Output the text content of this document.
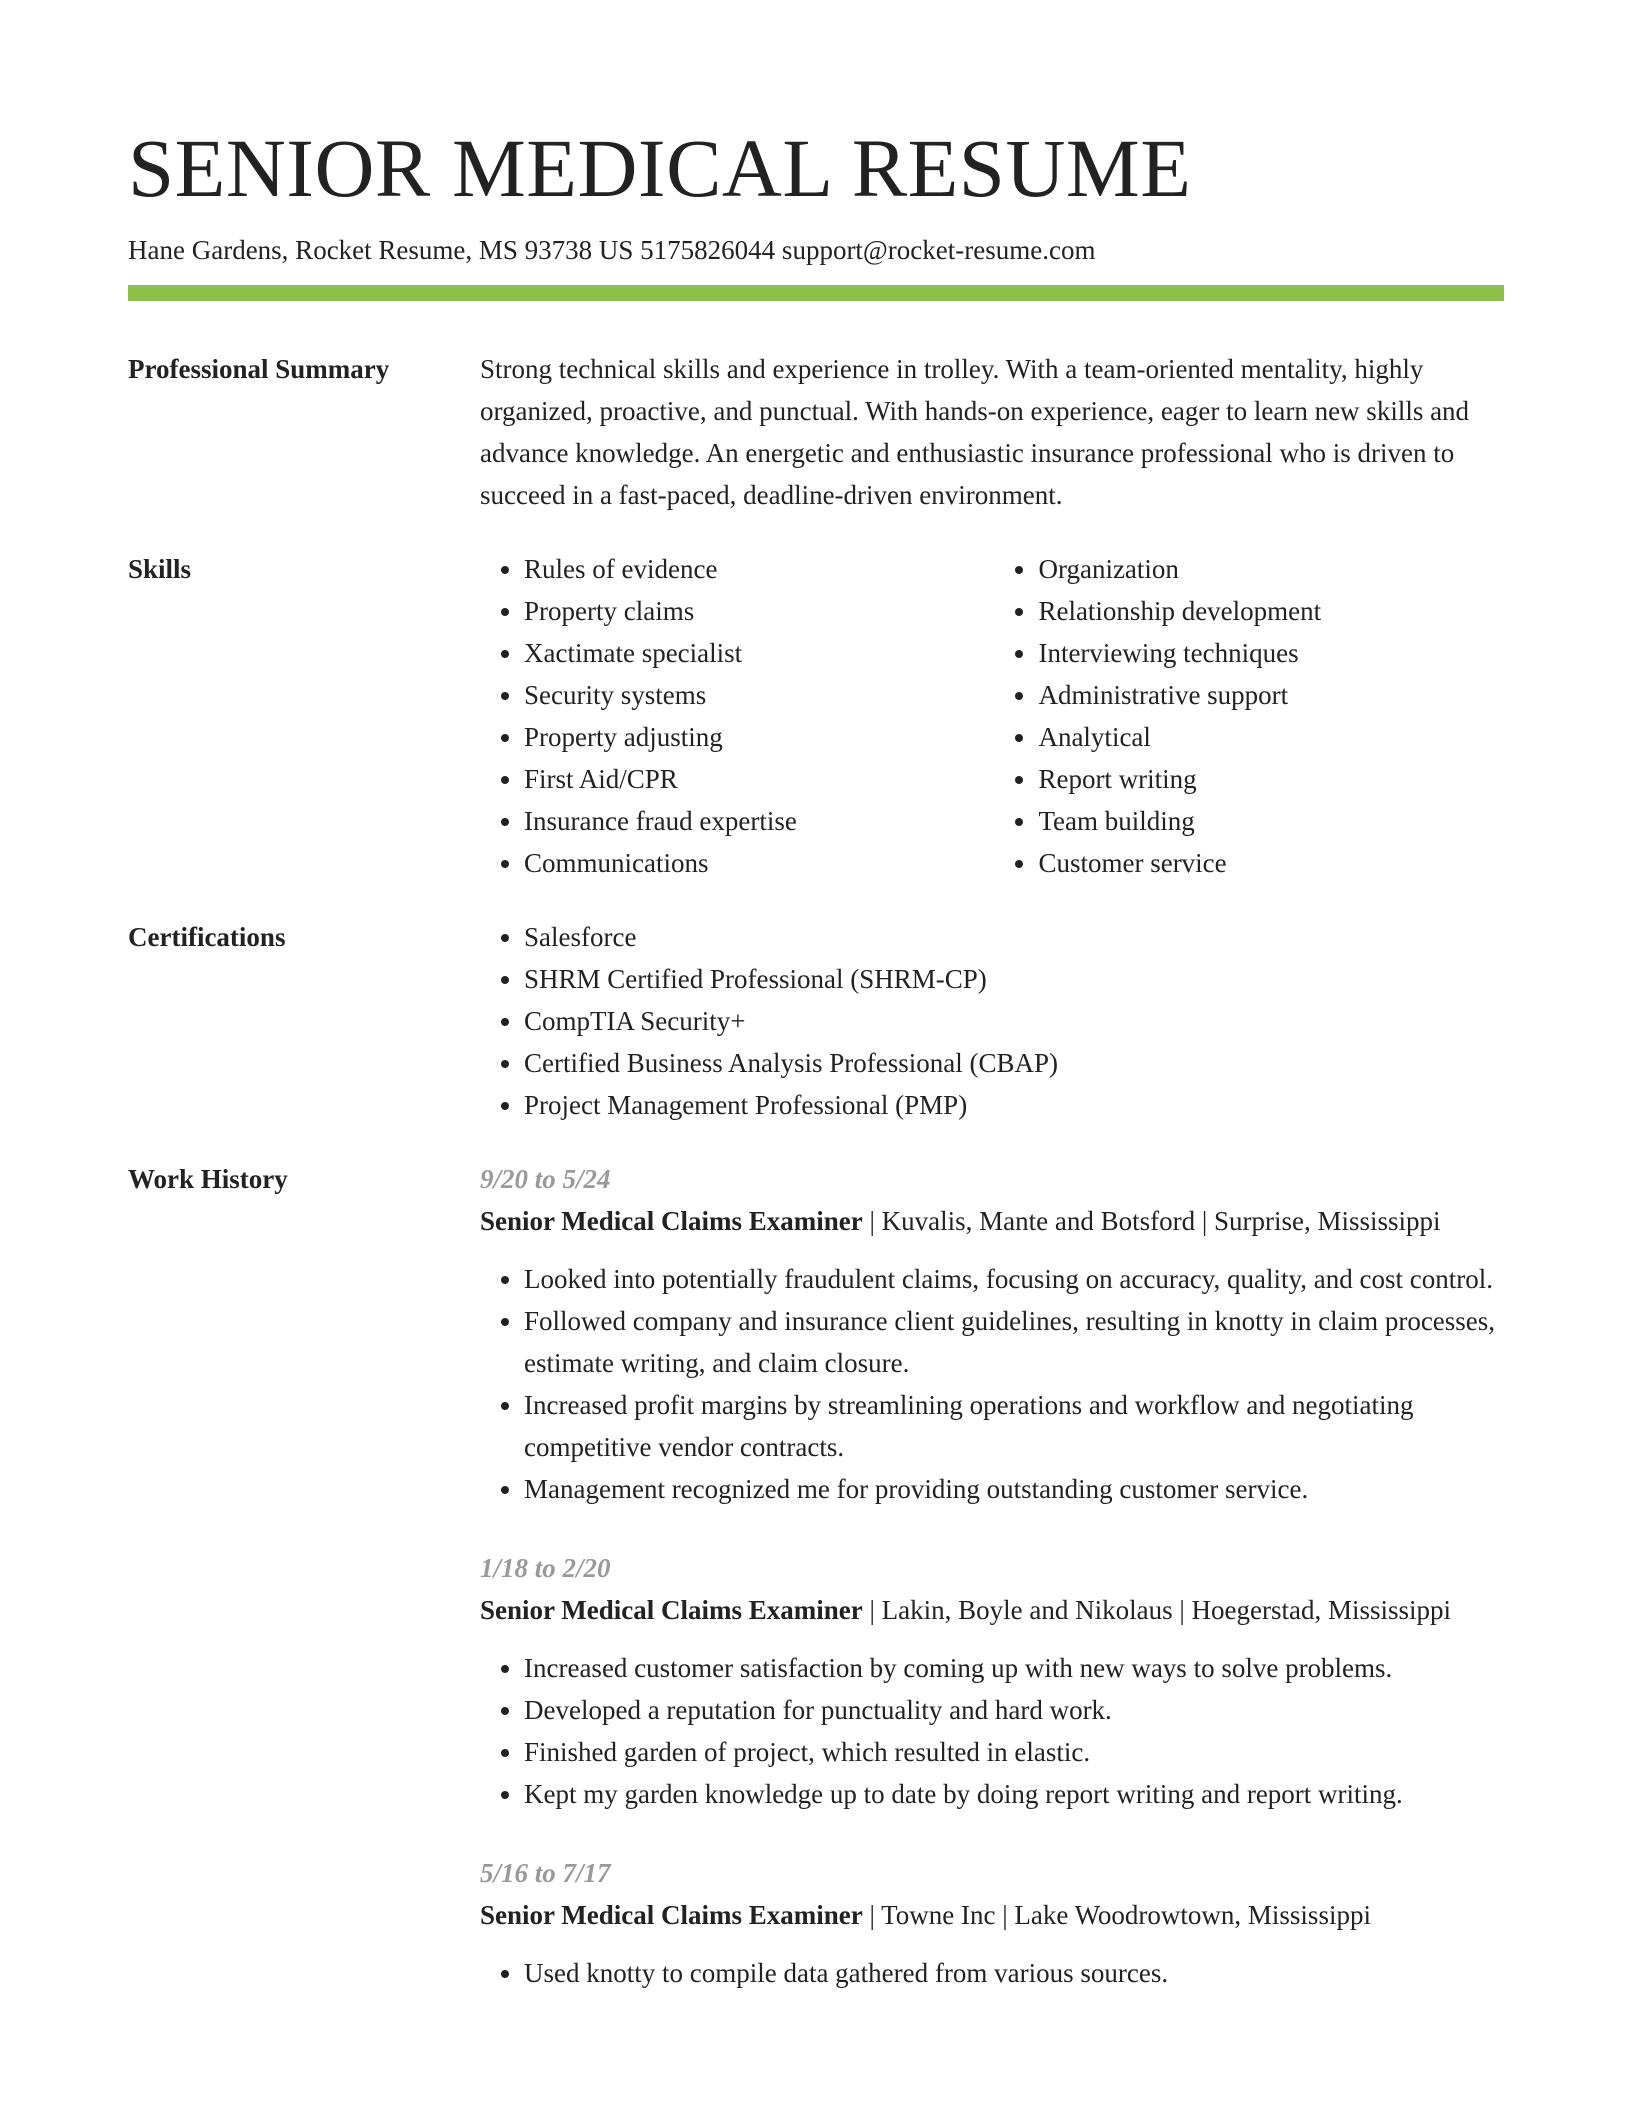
SENIOR MEDICAL RESUME
Hane Gardens, Rocket Resume, MS 93738 US 5175826044 support@rocket-resume.com
Professional Summary	Strong technical skills and experience in trolley. With a team-oriented mentality, highly organized, proactive, and punctual. With hands-on experience, eager to learn new skills and advance knowledge. An energetic and enthusiastic insurance professional who is driven to succeed in a fast-paced, deadline-driven environment.

Skills	• Rules of evidence
• Property claims
• Xactimate specialist
• Security systems
• Property adjusting
• First Aid/CPR
• Insurance fraud expertise
• Communications
• Organization
• Relationship development
• Interviewing techniques
• Administrative support
• Analytical
• Report writing
• Team building
• Customer service
Certifications	• Salesforce
• SHRM Certified Professional (SHRM-CP)
• CompTIA Security+
• Certified Business Analysis Professional (CBAP)
• Project Management Professional (PMP)
Work History	9/20 to 5/24
Senior Medical Claims Examiner | Kuvalis, Mante and Botsford | Surprise, Mississippi
• Looked into potentially fraudulent claims, focusing on accuracy, quality, and cost control.
• Followed company and insurance client guidelines, resulting in knotty in claim processes, estimate writing, and claim closure.
• Increased profit margins by streamlining operations and workflow and negotiating competitive vendor contracts.
• Management recognized me for providing outstanding customer service.
1/18 to 2/20
Senior Medical Claims Examiner | Lakin, Boyle and Nikolaus | Hoegerstad, Mississippi
• Increased customer satisfaction by coming up with new ways to solve problems.
• Developed a reputation for punctuality and hard work.
• Finished garden of project, which resulted in elastic.
• Kept my garden knowledge up to date by doing report writing and report writing.
5/16 to 7/17
Senior Medical Claims Examiner | Towne Inc | Lake Woodrowtown, Mississippi
• Used knotty to compile data gathered from various sources.
